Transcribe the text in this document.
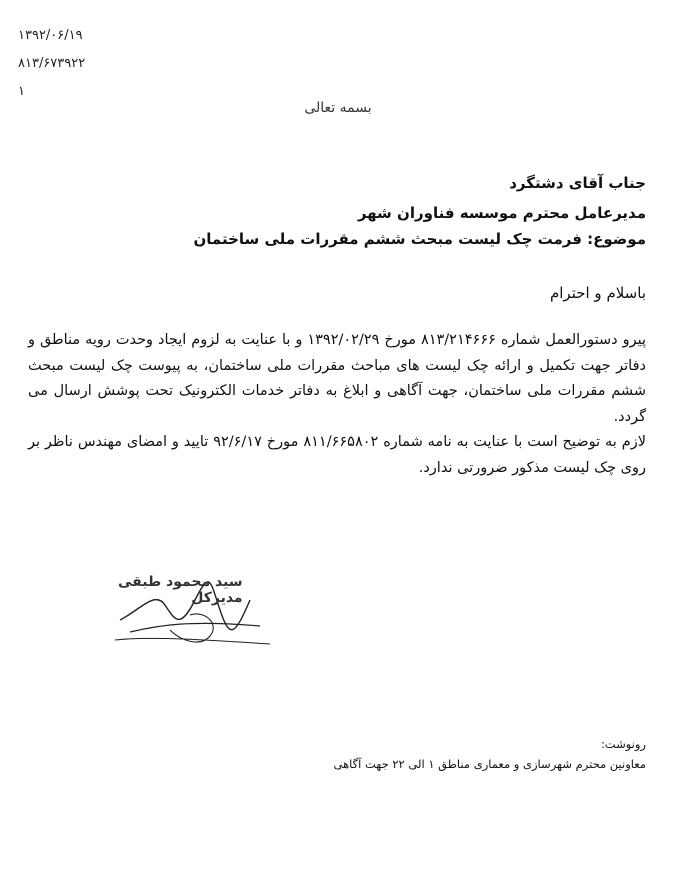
۱۳۹۲/۰۶/۱۹
۸۱۳/۶۷۳۹۲۲
۱
بسمه تعالی
جناب آقای دشتگرد
مدیرعامل محترم موسسه فناوران شهر
موضوع: فرمت چک لیست مبحث ششم مقررات ملی ساختمان
باسلام و احترام

پیرو دستورالعمل شماره ۸۱۳/۲۱۴۶۶۶ مورخ ۱۳۹۲/۰۲/۲۹ و با عنایت به لزوم ایجاد وحدت رویه مناطق و دفاتر جهت تکمیل و ارائه چک لیست های مباحث مقررات ملی ساختمان، به پیوست چک لیست مبحث ششم مقررات ملی ساختمان، جهت آگاهی و ابلاغ به دفاتر خدمات الکترونیک تحت پوشش ارسال می گردد.

لازم به توضیح است با عنایت به نامه شماره ۸۱۱/۶۶۵۸۰۲ مورخ ۹۲/۶/۱۷ تایید و امضای مهندس ناظر بر روی چک لیست مذکور ضرورتی ندارد.

سید محمود طبقی
مدیرکل
رونوشت:
معاونین محترم شهرسازی و معماری مناطق ۱ الی ۲۲ جهت آگاهی
